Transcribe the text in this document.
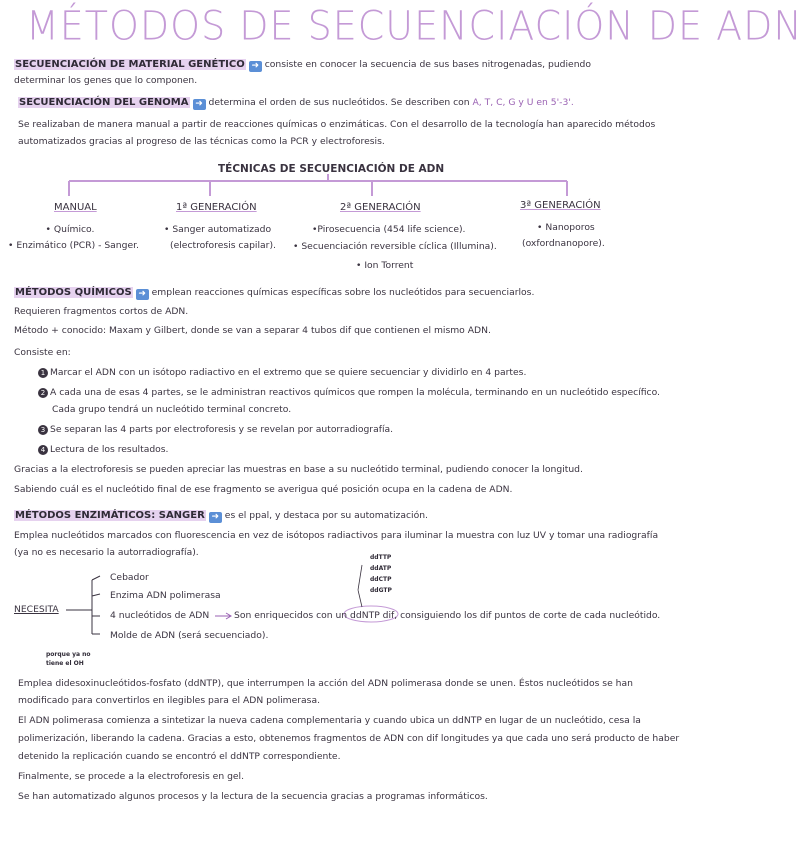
MÉTODOS DE SECUENCIACIÓN DE ADN
SECUENCIACIÓN DE MATERIAL GENÉTICO ➜ consiste en conocer la secuencia de sus bases nitrogenadas, pudiendo
determinar los genes que lo componen.
SECUENCIACIÓN DEL GENOMA ➜ determina el orden de sus nucleótidos. Se describen con A, T, C, G y U en 5'-3'.
Se realizaban de manera manual a partir de reacciones químicas o enzimáticas. Con el desarrollo de la tecnología han aparecido métodos
automatizados gracias al progreso de las técnicas como la PCR y electroforesis.
TÉCNICAS DE SECUENCIACIÓN DE ADN
MANUAL
• Químico.
• Enzimático (PCR) - Sanger.
1ª GENERACIÓN
• Sanger automatizado
(electroforesis capilar).
2ª GENERACIÓN
•Pirosecuencia (454 life science).
• Secuenciación reversible cíclica (Illumina).
• Ion Torrent
3ª GENERACIÓN
• Nanoporos
(oxfordnanopore).
MÉTODOS QUÍMICOS ➜ emplean reacciones químicas específicas sobre los nucleótidos para secuenciarlos.
Requieren fragmentos cortos de ADN.
Método + conocido: Maxam y Gilbert, donde se van a separar 4 tubos dif que contienen el mismo ADN.
Consiste en:
1 Marcar el ADN con un isótopo radiactivo en el extremo que se quiere secuenciar y dividirlo en 4 partes.
2 A cada una de esas 4 partes, se le administran reactivos químicos que rompen la molécula, terminando en un nucleótido específico.
Cada grupo tendrá un nucleótido terminal concreto.
3 Se separan las 4 parts por electroforesis y se revelan por autorradiografía.
4 Lectura de los resultados.
Gracias a la electroforesis se pueden apreciar las muestras en base a su nucleótido terminal, pudiendo conocer la longitud.
Sabiendo cuál es el nucleótido final de ese fragmento se averigua qué posición ocupa en la cadena de ADN.
MÉTODOS ENZIMÁTICOS: SANGER ➜ es el ppal, y destaca por su automatización.
Emplea nucleótidos marcados con fluorescencia en vez de isótopos radiactivos para iluminar la muestra con luz UV y tomar una radiografía
(ya no es necesario la autorradiografía).	ddTTP
ddATP
ddCTP
ddGTP
NECESITA
Cebador
Enzima ADN polimerasa
4 nucleótidos de ADN	Son enriquecidos con un ddNTP dif, consiguiendo los dif puntos de corte de cada nucleótido.
Molde de ADN (será secuenciado).
porque ya no
tiene el OH
Emplea didesoxinucleótidos-fosfato (ddNTP), que interrumpen la acción del ADN polimerasa donde se unen. Éstos nucleótidos se han
modificado para convertirlos en ilegibles para el ADN polimerasa.
El ADN polimerasa comienza a sintetizar la nueva cadena complementaria y cuando ubica un ddNTP en lugar de un nucleótido, cesa la
polimerización, liberando la cadena. Gracias a esto, obtenemos fragmentos de ADN con dif longitudes ya que cada uno será producto de haber
detenido la replicación cuando se encontró el ddNTP correspondiente.
Finalmente, se procede a la electroforesis en gel.
Se han automatizado algunos procesos y la lectura de la secuencia gracias a programas informáticos.
